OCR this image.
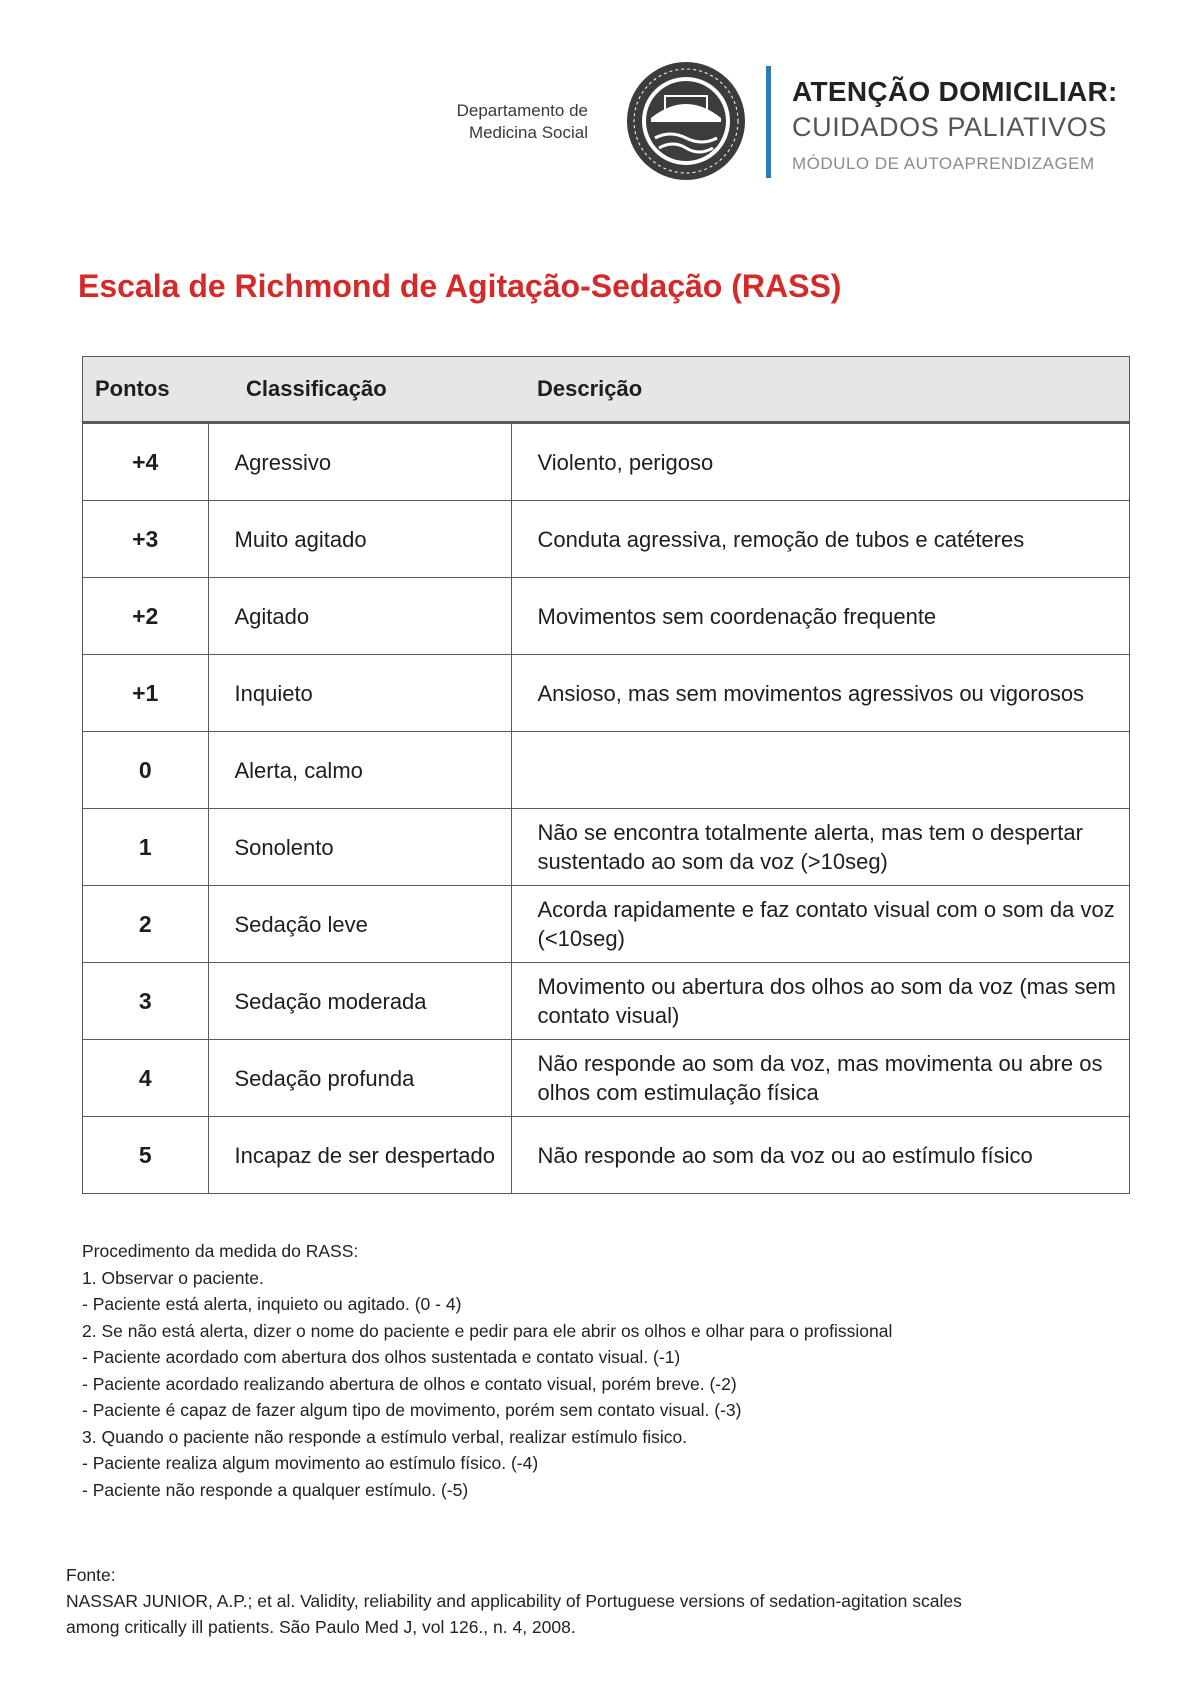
Departamento de
Medicina Social
ATENÇÃO DOMICILIAR:
CUIDADOS PALIATIVOS
MÓDULO DE AUTOAPRENDIZAGEM
Escala de Richmond de Agitação-Sedação (RASS)
Pontos	Classificação	Descrição
+4	Agressivo	Violento, perigoso
+3	Muito agitado	Conduta agressiva, remoção de tubos e catéteres
+2	Agitado	Movimentos sem coordenação frequente
+1	Inquieto	Ansioso, mas sem movimentos agressivos ou vigorosos
0	Alerta, calmo	
1	Sonolento	Não se encontra totalmente alerta, mas tem o despertar sustentado ao som da voz (>10seg)
2	Sedação leve	Acorda rapidamente e faz contato visual com o som da voz (<10seg)
3	Sedação moderada	Movimento ou abertura dos olhos ao som da voz (mas sem contato visual)
4	Sedação profunda	Não responde ao som da voz, mas movimenta ou abre os olhos com estimulação física
5	Incapaz de ser despertado	Não responde ao som da voz ou ao estímulo físico
Procedimento da medida do RASS:
1. Observar o paciente.
- Paciente está alerta, inquieto ou agitado. (0 - 4)
2. Se não está alerta, dizer o nome do paciente e pedir para ele abrir os olhos e olhar para o profissional
- Paciente acordado com abertura dos olhos sustentada e contato visual. (-1)
- Paciente acordado realizando abertura de olhos e contato visual, porém breve. (-2)
- Paciente é capaz de fazer algum tipo de movimento, porém sem contato visual. (-3)
3. Quando o paciente não responde a estímulo verbal, realizar estímulo fisico.
- Paciente realiza algum movimento ao estímulo físico. (-4)
- Paciente não responde a qualquer estímulo. (-5)
Fonte:
NASSAR JUNIOR, A.P.; et al. Validity, reliability and applicability of Portuguese versions of sedation-agitation scales
among critically ill patients. São Paulo Med J, vol 126., n. 4, 2008.
